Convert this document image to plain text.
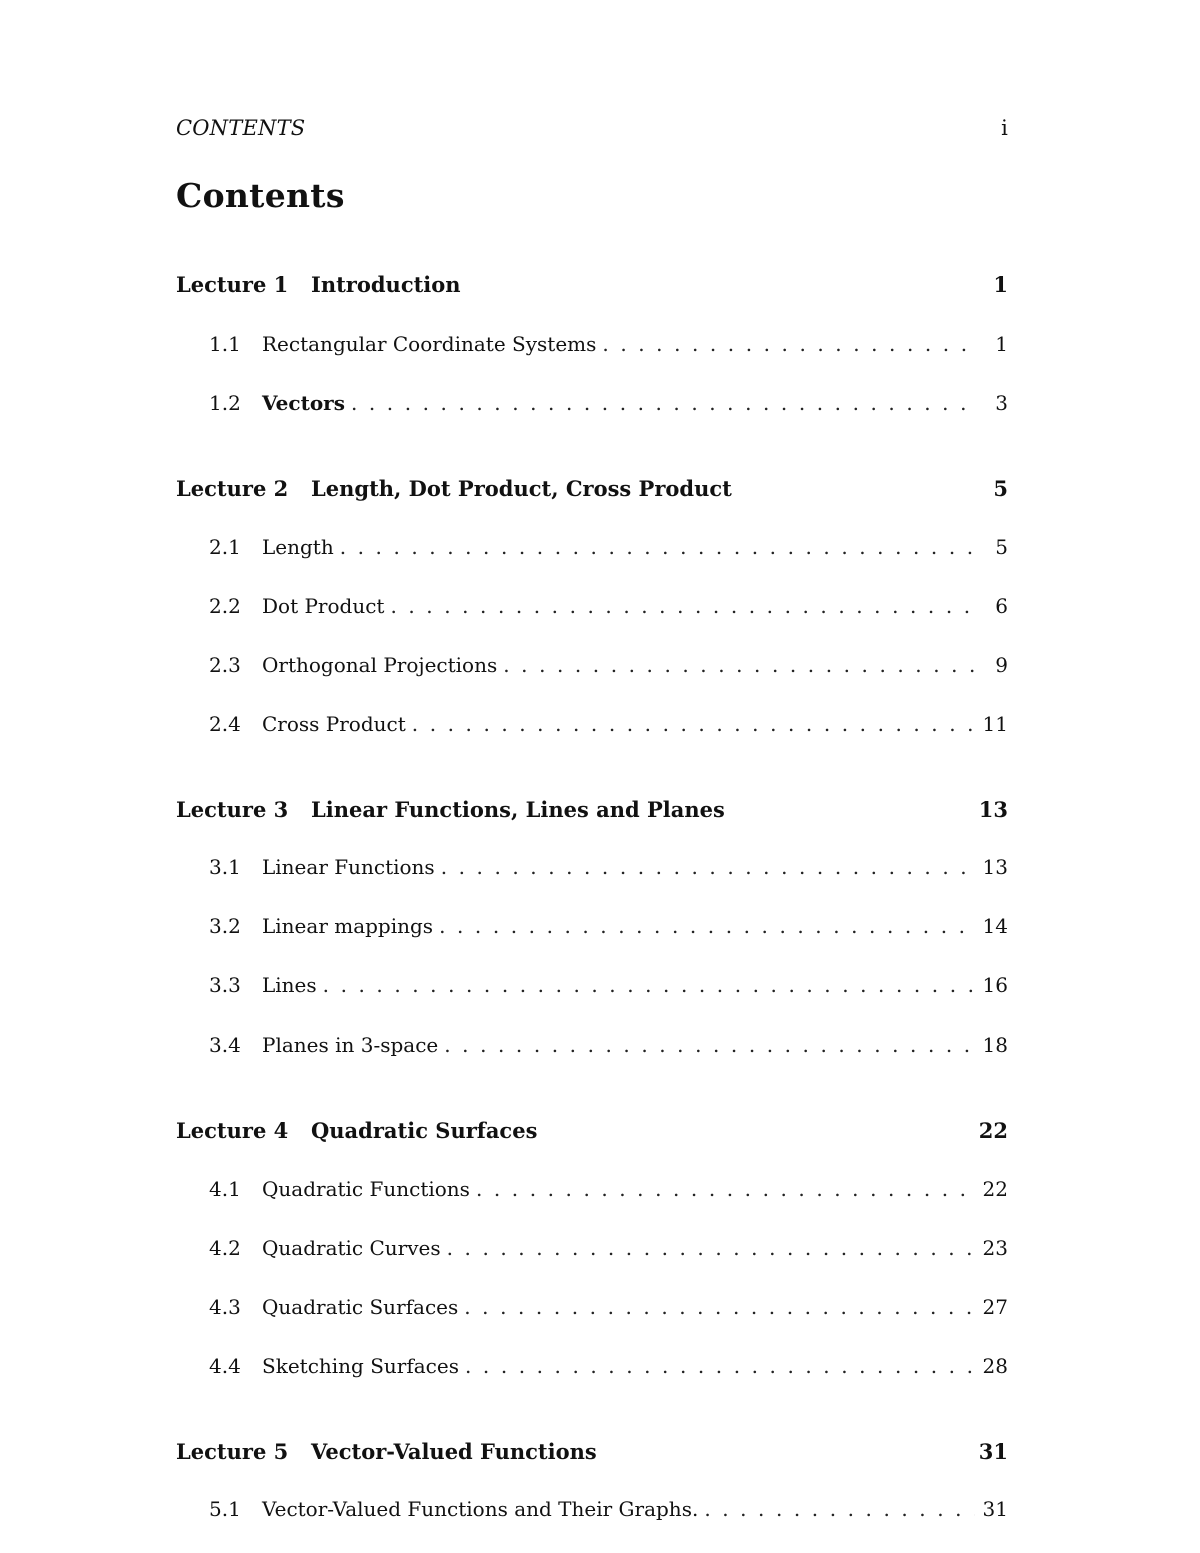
CONTENTS	i
Contents
Lecture 1	Introduction	1
1.1	Rectangular Coordinate Systems . . .	1
1.2	Vectors . . .	3
Lecture 2	Length, Dot Product, Cross Product	5
2.1	Length . . .	5
2.2	Dot Product . . .	6
2.3	Orthogonal Projections . . .	9
2.4	Cross Product . . .	11
Lecture 3	Linear Functions, Lines and Planes	13
3.1	Linear Functions . . .	13
3.2	Linear mappings . . .	14
3.3	Lines . . .	16
3.4	Planes in 3-space . . .	18
Lecture 4	Quadratic Surfaces	22
4.1	Quadratic Functions . . .	22
4.2	Quadratic Curves . . .	23
4.3	Quadratic Surfaces . . .	27
4.4	Sketching Surfaces . . .	28
Lecture 5	Vector-Valued Functions	31
5.1	Vector-Valued Functions and Their Graphs. . . .	31
